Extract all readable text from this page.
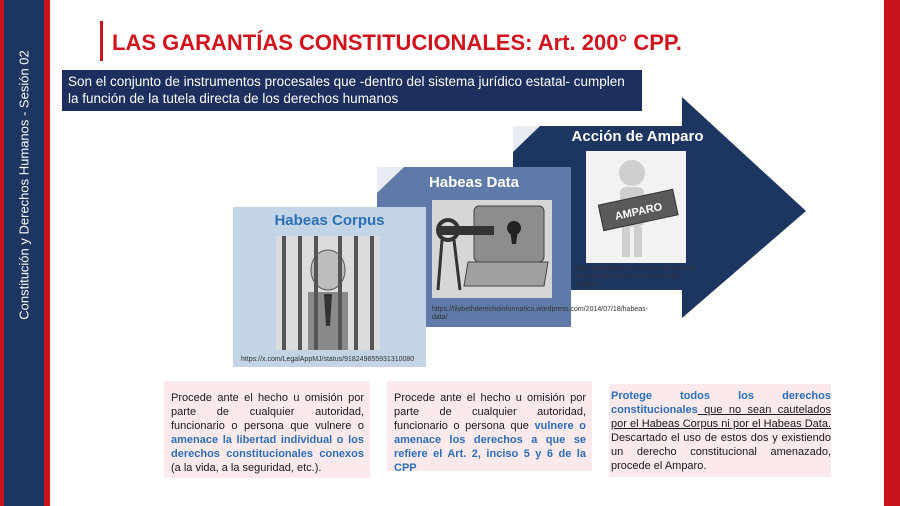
Constitución y Derechos Humanos - Sesión 02
LAS GARANTÍAS CONSTITUCIONALES: Art. 200° CPP.
Son el conjunto de instrumentos procesales que -dentro del sistema jurídico estatal- cumplen la función de la tutela directa de los derechos humanos
Habeas Corpus
https://x.com/LegalAppMJ/status/918249855931310080
Habeas Data
https://lilybethderechoinformatico.wordpress.com/2014/07/18/habeas-data/
Acción de Amparo
AMPARO
https://abogadosdq.com/acudimos-a-la-desnaturalizacion-de-la-accion-de-amparo/
Procede ante el hecho u omisión por parte de cualquier autoridad, funcionario o persona que vulnere o amenace la libertad individual o los derechos constitucionales conexos (a la vida, a la seguridad, etc.).
Procede ante el hecho u omisión por parte de cualquier autoridad, funcionario o persona que vulnere o amenace los derechos a que se refiere el Art. 2, inciso 5 y 6 de la CPP
Protege todos los derechos constitucionales que no sean cautelados por el Habeas Corpus ni por el Habeas Data. Descartado el uso de estos dos y existiendo un derecho constitucional amenazado, procede el Amparo.
